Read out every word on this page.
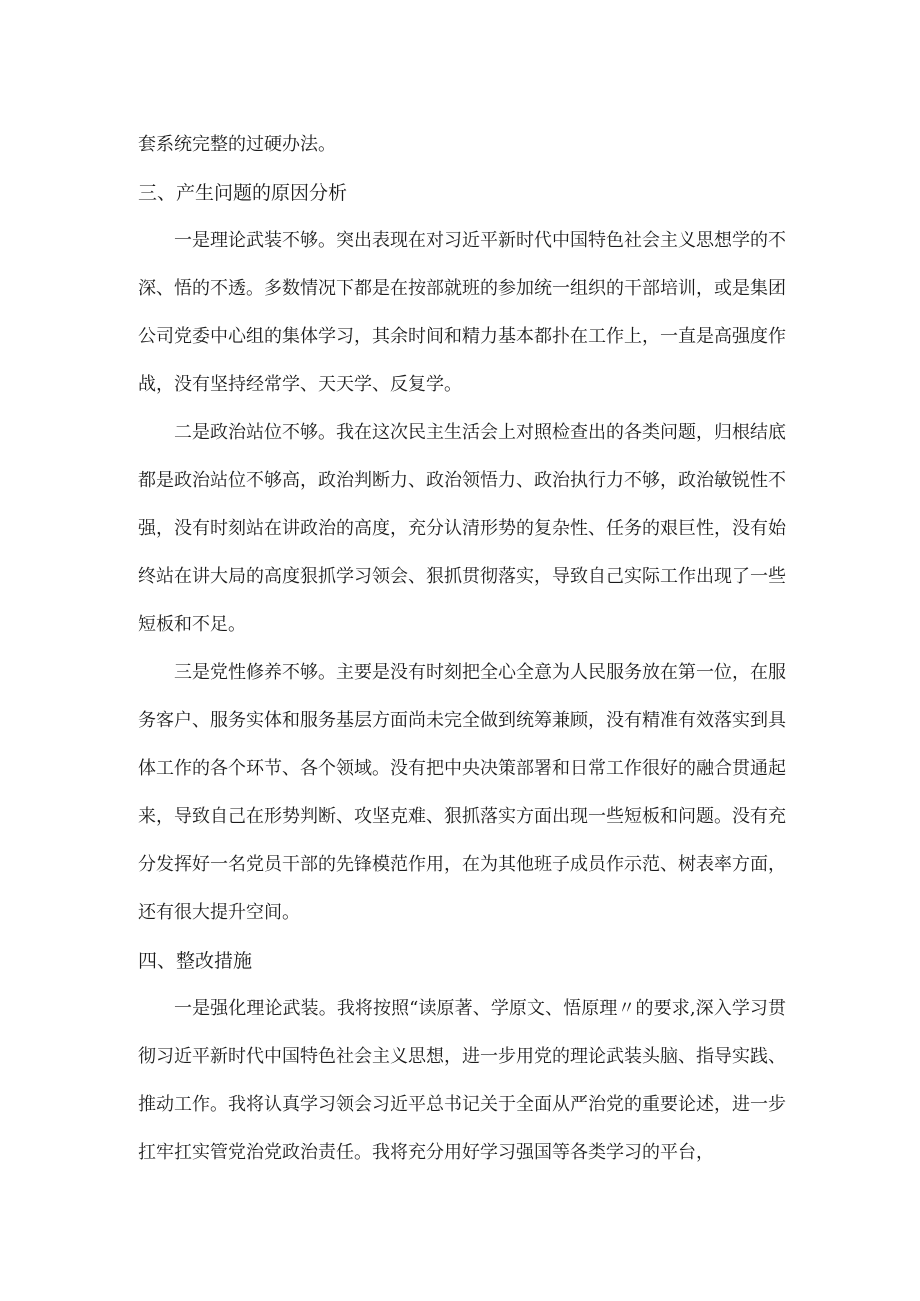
套系统完整的过硬办法。

三、产生问题的原因分析

一是理论武装不够。突出表现在对习近平新时代中国特色社会主义思想学的不深、悟的不透。多数情况下都是在按部就班的参加统一组织的干部培训，或是集团公司党委中心组的集体学习，其余时间和精力基本都扑在工作上，一直是高强度作战，没有坚持经常学、天天学、反复学。

二是政治站位不够。我在这次民主生活会上对照检查出的各类问题，归根结底都是政治站位不够高，政治判断力、政治领悟力、政治执行力不够，政治敏锐性不强，没有时刻站在讲政治的高度，充分认清形势的复杂性、任务的艰巨性，没有始终站在讲大局的高度狠抓学习领会、狠抓贯彻落实，导致自己实际工作出现了一些短板和不足。

三是党性修养不够。主要是没有时刻把全心全意为人民服务放在第一位，在服务客户、服务实体和服务基层方面尚未完全做到统筹兼顾，没有精准有效落实到具体工作的各个环节、各个领域。没有把中央决策部署和日常工作很好的融合贯通起来，导致自己在形势判断、攻坚克难、狠抓落实方面出现一些短板和问题。没有充分发挥好一名党员干部的先锋模范作用，在为其他班子成员作示范、树表率方面，还有很大提升空间。

四、整改措施

一是强化理论武装。我将按照“读原著、学原文、悟原理〃的要求,深入学习贯彻习近平新时代中国特色社会主义思想，进一步用党的理论武装头脑、指导实践、推动工作。我将认真学习领会习近平总书记关于全面从严治党的重要论述，进一步扛牢扛实管党治党政治责任。我将充分用好学习强国等各类学习的平台，
